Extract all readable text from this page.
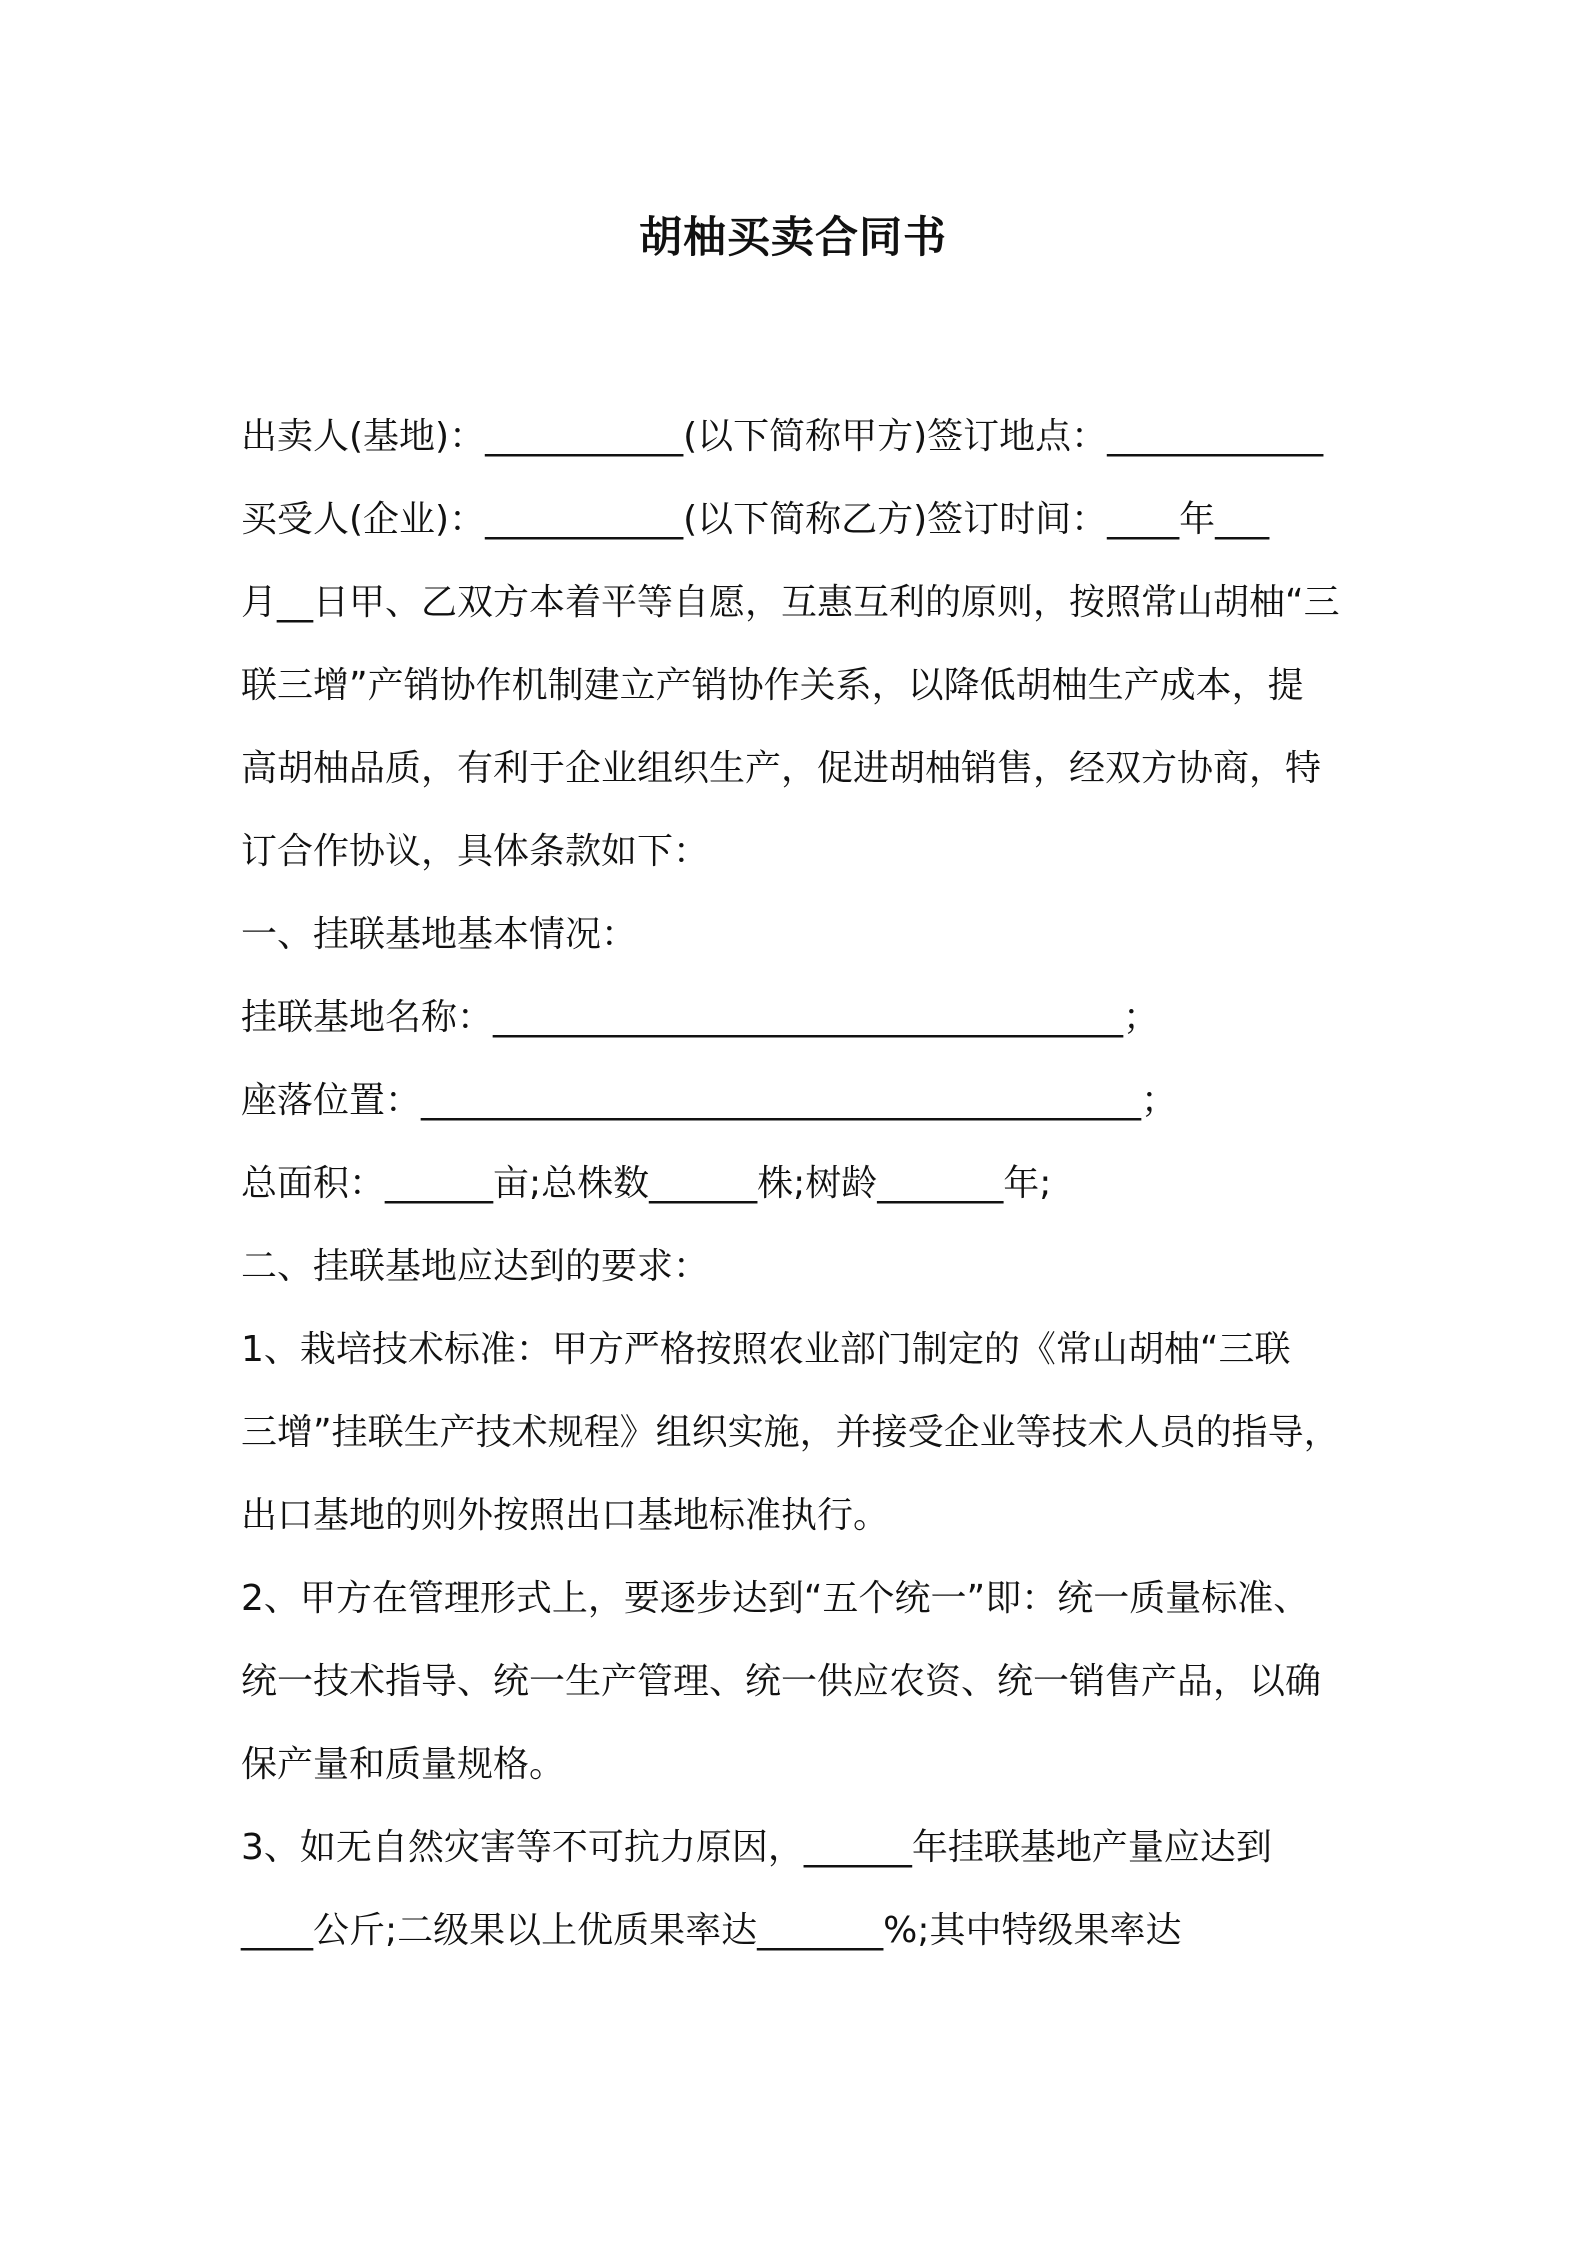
胡柚买卖合同书
出卖人(基地)：___________(以下简称甲方)签订地点：____________
买受人(企业)：___________(以下简称乙方)签订时间：____年___
月__日甲、乙双方本着平等自愿，互惠互利的原则，按照常山胡柚“三
联三增”产销协作机制建立产销协作关系，以降低胡柚生产成本，提
高胡柚品质，有利于企业组织生产，促进胡柚销售，经双方协商，特
订合作协议，具体条款如下：
一、挂联基地基本情况：
挂联基地名称：___________________________________；
座落位置：________________________________________；
总面积：______亩;总株数______株;树龄_______年;
二、挂联基地应达到的要求：
1、栽培技术标准：甲方严格按照农业部门制定的《常山胡柚“三联
三增”挂联生产技术规程》组织实施，并接受企业等技术人员的指导，
出口基地的则外按照出口基地标准执行。
2、甲方在管理形式上，要逐步达到“五个统一”即：统一质量标准、
统一技术指导、统一生产管理、统一供应农资、统一销售产品，以确
保产量和质量规格。
3、如无自然灾害等不可抗力原因，______年挂联基地产量应达到
____公斤;二级果以上优质果率达_______%;其中特级果率达
